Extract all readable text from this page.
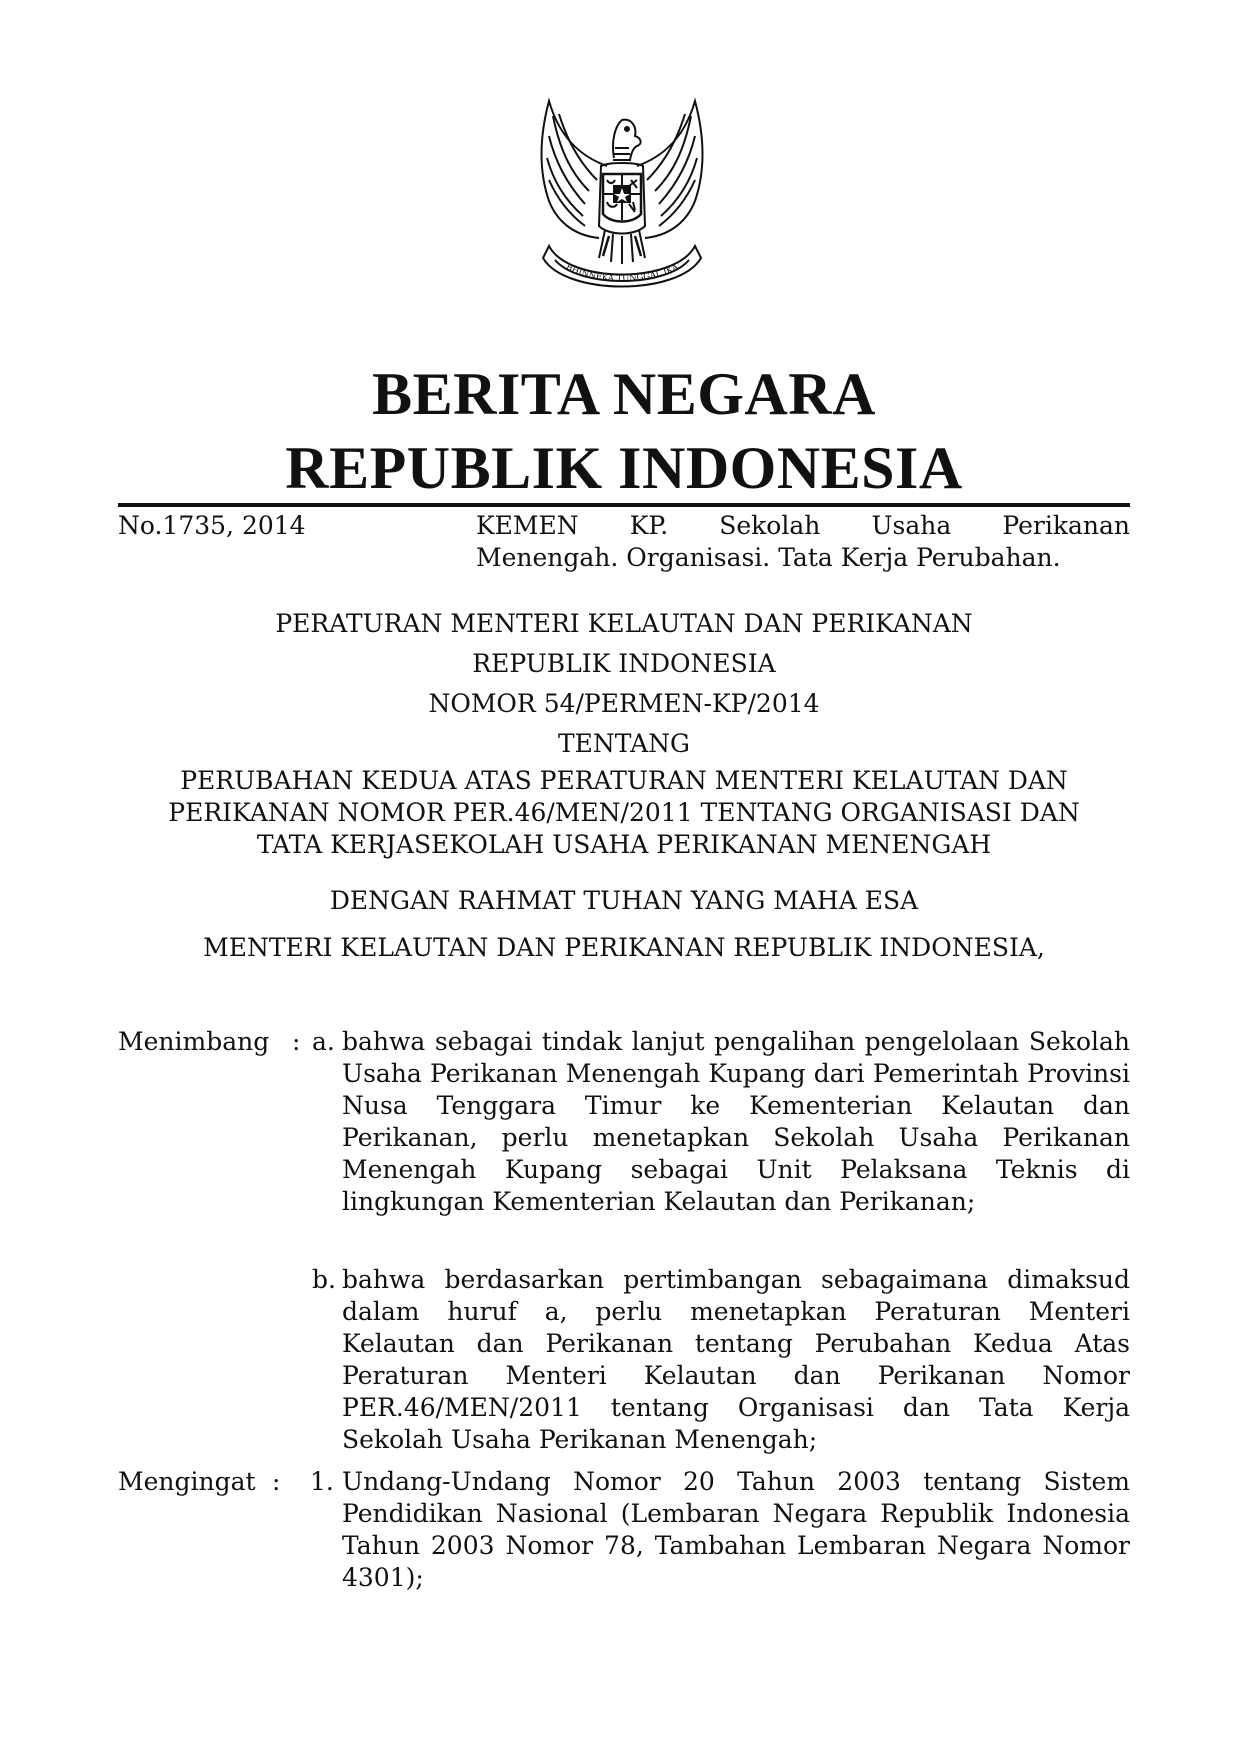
BHINNEKA TUNGGAL IKA
BERITA NEGARA
REPUBLIK INDONESIA
No.1735, 2014	KEMEN KP. Sekolah Usaha Perikanan
Menengah. Organisasi. Tata Kerja Perubahan.
PERATURAN MENTERI KELAUTAN DAN PERIKANAN
REPUBLIK INDONESIA
NOMOR 54/PERMEN-KP/2014
TENTANG
PERUBAHAN KEDUA ATAS PERATURAN MENTERI KELAUTAN DAN
PERIKANAN NOMOR PER.46/MEN/2011 TENTANG ORGANISASI DAN
TATA KERJASEKOLAH USAHA PERIKANAN MENENGAH
DENGAN RAHMAT TUHAN YANG MAHA ESA
MENTERI KELAUTAN DAN PERIKANAN REPUBLIK INDONESIA,
Menimbang : a. bahwa sebagai tindak lanjut pengalihan pengelolaan Sekolah Usaha Perikanan Menengah Kupang dari Pemerintah Provinsi Nusa Tenggara Timur ke Kementerian Kelautan dan Perikanan, perlu menetapkan Sekolah Usaha Perikanan Menengah Kupang sebagai Unit Pelaksana Teknis di lingkungan Kementerian Kelautan dan Perikanan;
b. bahwa berdasarkan pertimbangan sebagaimana dimaksud dalam huruf a, perlu menetapkan Peraturan Menteri Kelautan dan Perikanan tentang Perubahan Kedua Atas Peraturan Menteri Kelautan dan Perikanan Nomor PER.46/MEN/2011 tentang Organisasi dan Tata Kerja Sekolah Usaha Perikanan Menengah;
Mengingat : 1. Undang-Undang Nomor 20 Tahun 2003 tentang Sistem Pendidikan Nasional (Lembaran Negara Republik Indonesia Tahun 2003 Nomor 78, Tambahan Lembaran Negara Nomor 4301);
